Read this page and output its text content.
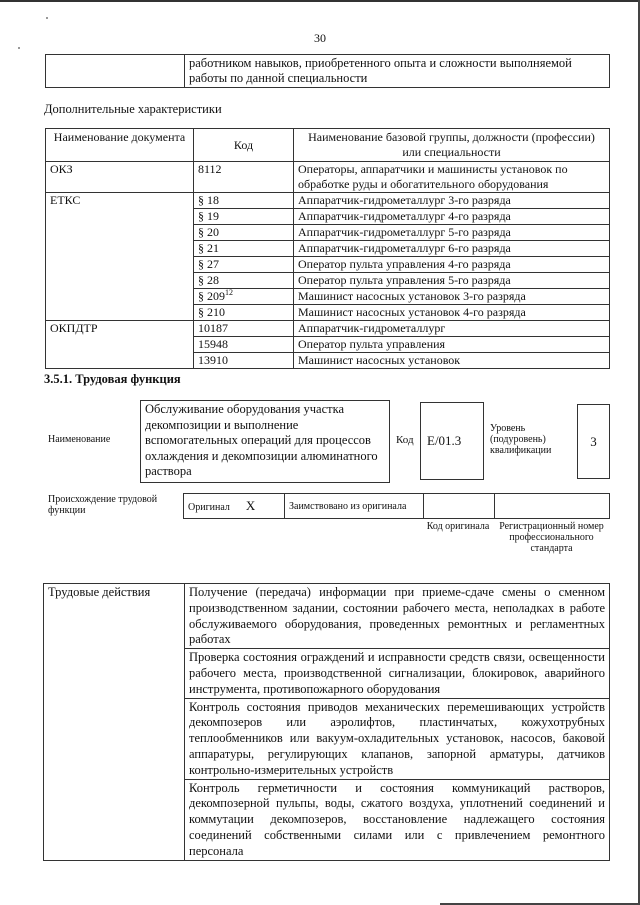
30
	работником навыков, приобретенного опыта и сложности выполняемой работы по данной специальности
Дополнительные характеристики
Наименование документа	Код	Наименование базовой группы, должности (профессии) или специальности
ОКЗ	8112	Операторы, аппаратчики и машинисты установок по обработке руды и обогатительного оборудования
ЕТКС	§ 18	Аппаратчик-гидрометаллург 3-го разряда
	§ 19	Аппаратчик-гидрометаллург 4-го разряда
	§ 20	Аппаратчик-гидрометаллург 5-го разряда
	§ 21	Аппаратчик-гидрометаллург 6-го разряда
	§ 27	Оператор пульта управления 4-го разряда
	§ 28	Оператор пульта управления 5-го разряда
	§ $209^{12}$	Машинист насосных установок 3-го разряда
	§ 210	Машинист насосных установок 4-го разряда
ОКПДТР	10187	Аппаратчик-гидрометаллург
	15948	Оператор пульта управления
	13910	Машинист насосных установок
3.5.1. Трудовая функция
Наименование
Обслуживание оборудования участка декомпозиции и выполнение вспомогательных операций для процессов охлаждения и декомпозиции алюминатного раствора
Код	E/01.3
Уровень (подуровень) квалификации
3
Происхождение трудовой функции	Оригинал X	Заимствовано из оригинала		
Код оригинала Регистрационный номер профессионального стандарта
Трудовые действия	Получение (передача) информации при приеме-сдаче смены о сменном производственном задании, состоянии рабочего места, неполадках в работе обслуживаемого оборудования, проведенных ремонтных и регламентных работах
Проверка состояния ограждений и исправности средств связи, освещенности рабочего места, производственной сигнализации, блокировок, аварийного инструмента, противопожарного оборудования
Контроль состояния приводов механических перемешивающих устройств декомпозеров или аэролифтов, пластинчатых, кожухотрубных теплообменников или вакуум-охладительных установок, насосов, баковой аппаратуры, регулирующих клапанов, запорной арматуры, датчиков контрольно-измерительных устройств
Контроль герметичности и состояния коммуникаций растворов, декомпозерной пульпы, воды, сжатого воздуха, уплотнений соединений и коммутации декомпозеров, восстановление надлежащего состояния соединений собственными силами или с привлечением ремонтного персонала
